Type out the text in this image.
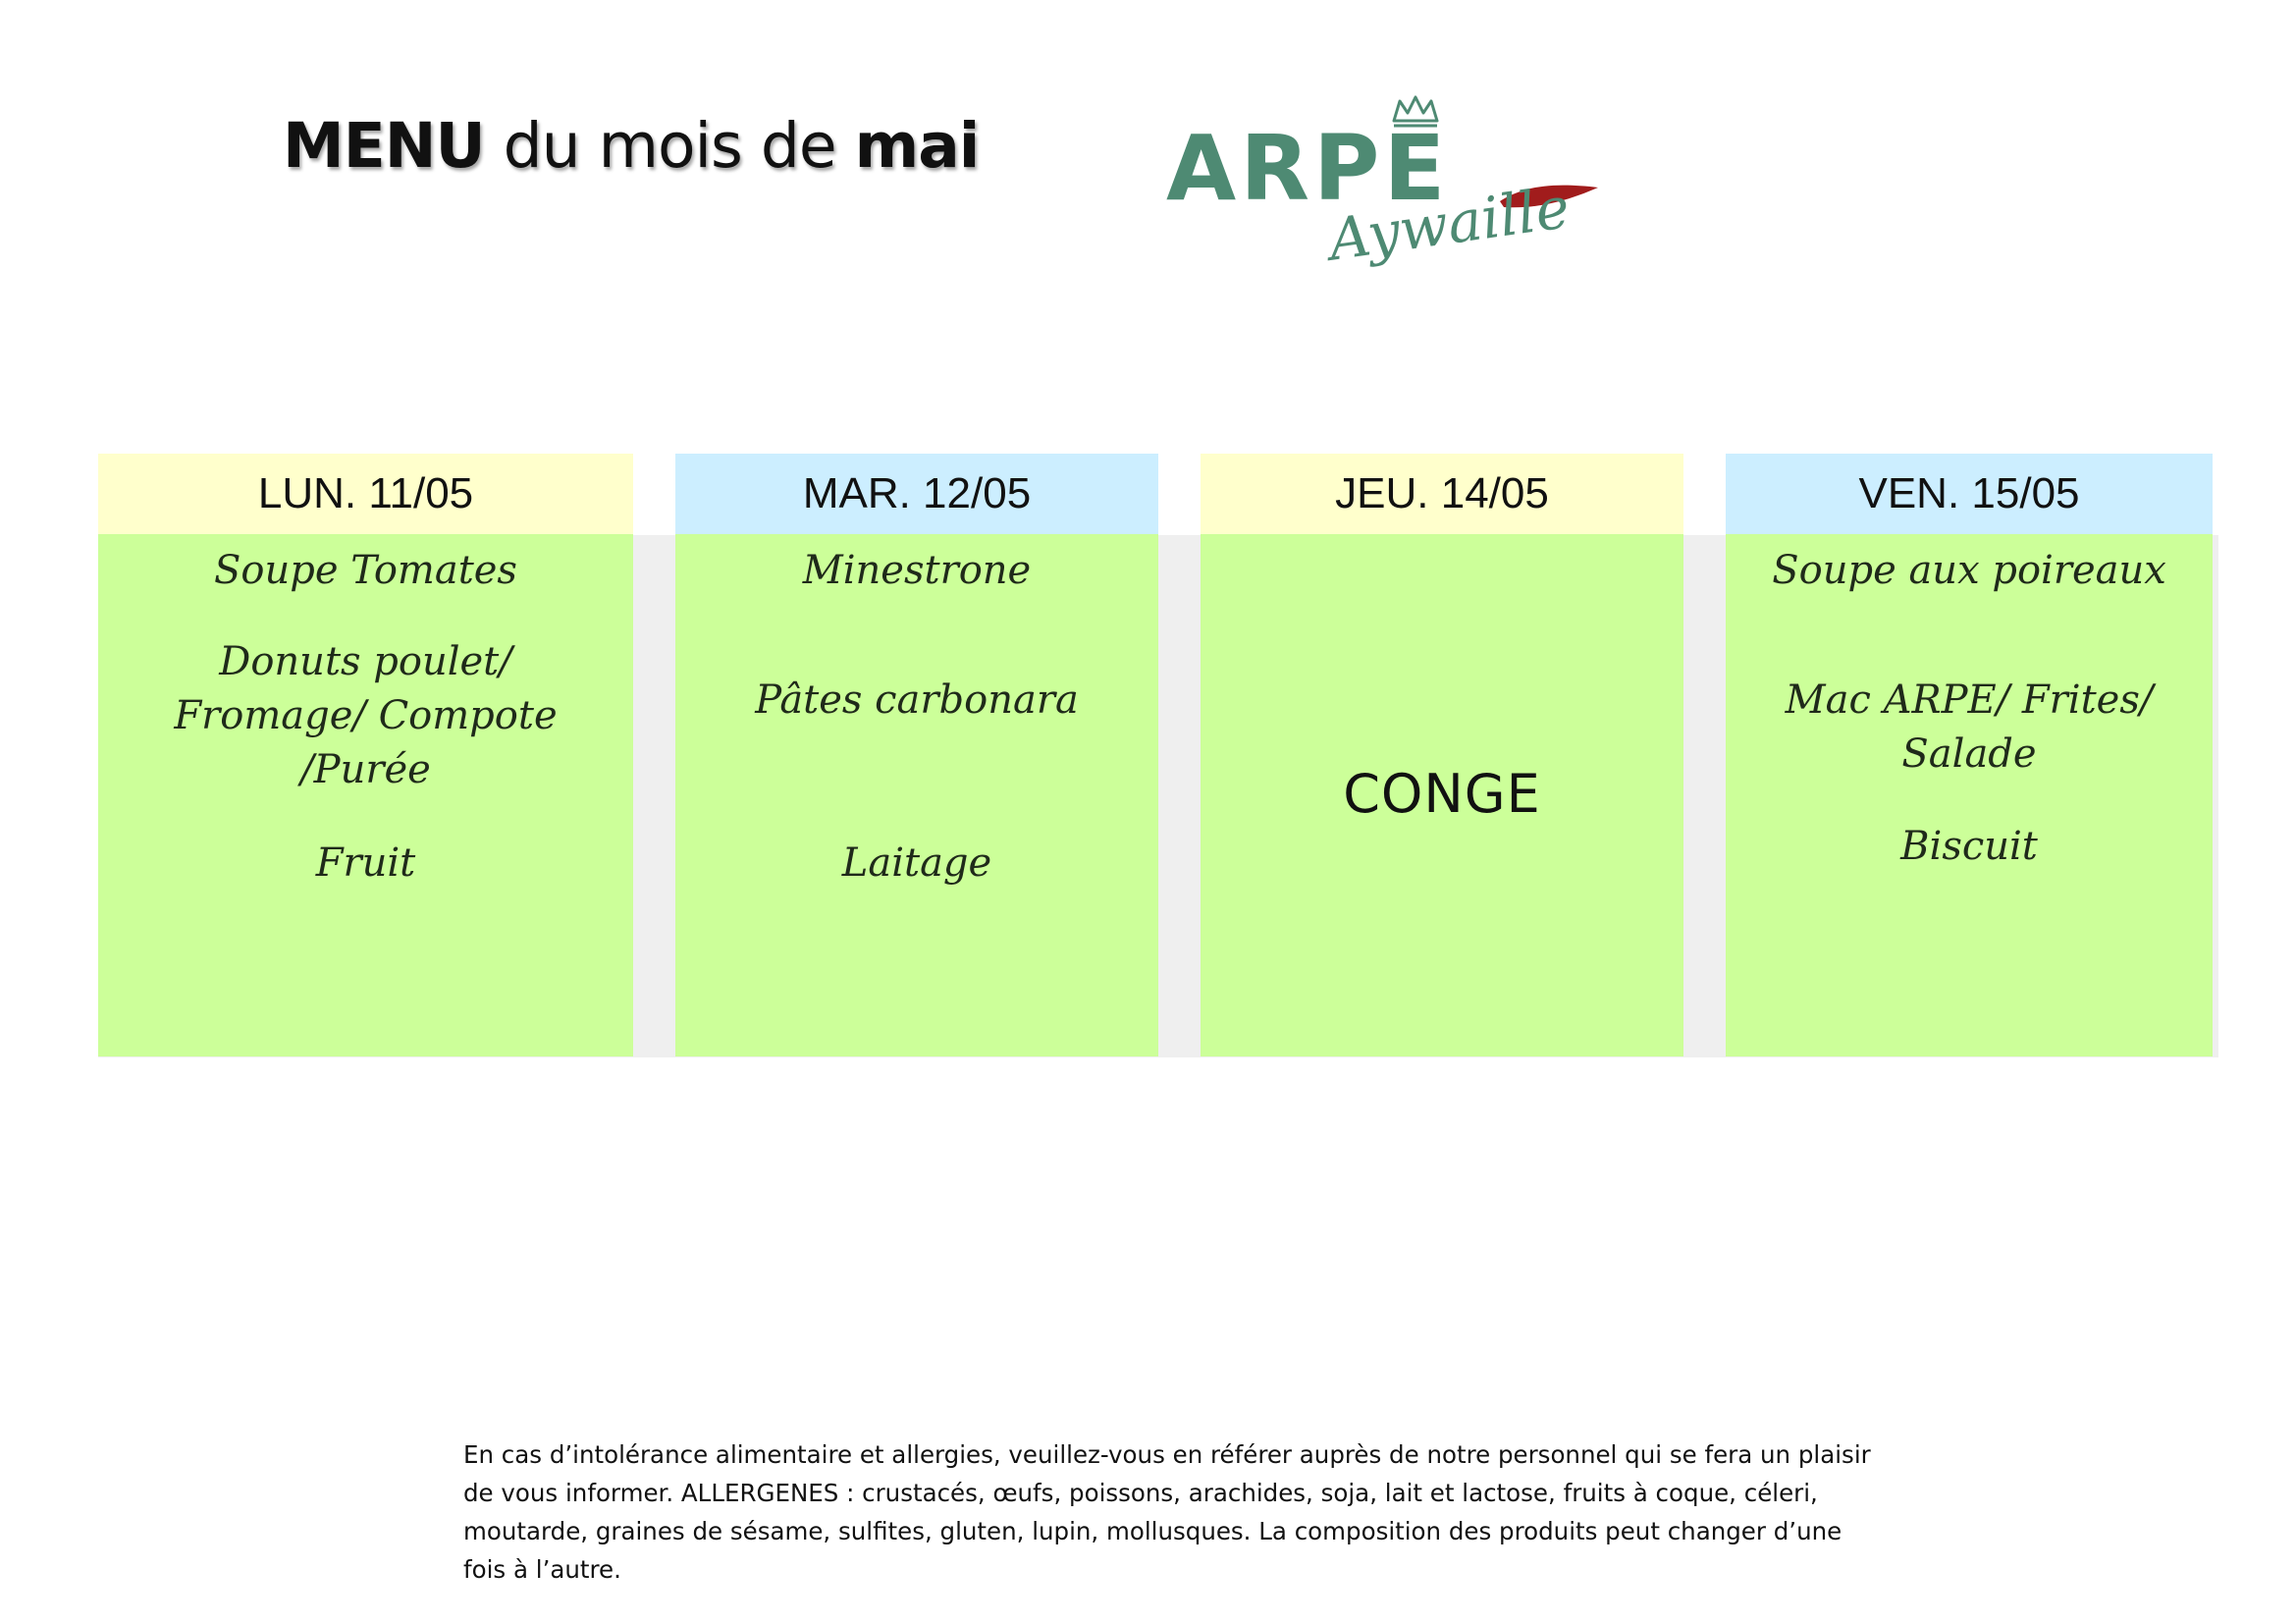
MENU du mois de mai ARPE
Aywaille
LUN. 11/05
Soupe Tomates
Donuts poulet/
Fromage/ Compote
/Purée
Fruit
MAR. 12/05
Minestrone
Pâtes carbonara
Laitage
JEU. 14/05
CONGE
VEN. 15/05
Soupe aux poireaux
Mac ARPE/ Frites/
Salade
Biscuit
En cas d’intolérance alimentaire et allergies, veuillez-vous en référer auprès de notre personnel qui se fera un plaisir de vous informer. ALLERGENES : crustacés, œufs, poissons, arachides, soja, lait et lactose, fruits à coque, céleri, moutarde, graines de sésame, sulfites, gluten, lupin, mollusques. La composition des produits peut changer d’une fois à l’autre.
